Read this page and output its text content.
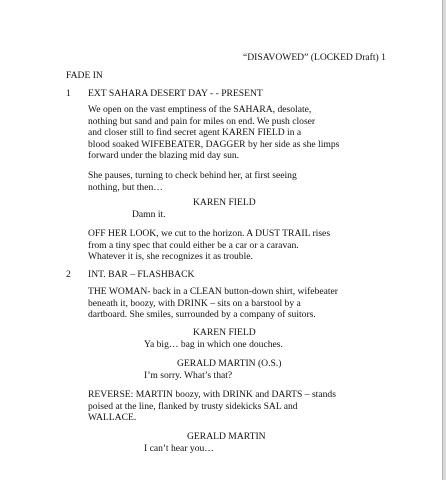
“DISAVOWED” (LOCKED Draft) 1

FADE IN

1 EXT SAHARA DESERT DAY - - PRESENT

We open on the vast emptiness of the SAHARA, desolate,

nothing but sand and pain for miles on end. We push closer

and closer still to find secret agent KAREN FIELD in a

blood soaked WIFEBEATER, DAGGER by her side as she limps

forward under the blazing mid day sun.

She pauses, turning to check behind her, at first seeing

nothing, but then…

KAREN FIELD

Damn it.

OFF HER LOOK, we cut to the horizon. A DUST TRAIL rises

from a tiny spec that could either be a car or a caravan.

Whatever it is, she recognizes it as trouble.

2 INT. BAR – FLASHBACK

THE WOMAN- back in a CLEAN button-down shirt, wifebeater

beneath it, boozy, with DRINK – sits on a barstool by a

dartboard. She smiles, surrounded by a company of suitors.

KAREN FIELD

Ya big… bag in which one douches.

GERALD MARTIN (O.S.)

I’m sorry. What’s that?

REVERSE: MARTIN boozy, with DRINK and DARTS – stands

poised at the line, flanked by trusty sidekicks SAL and

WALLACE.

GERALD MARTIN

I can’t hear you…
